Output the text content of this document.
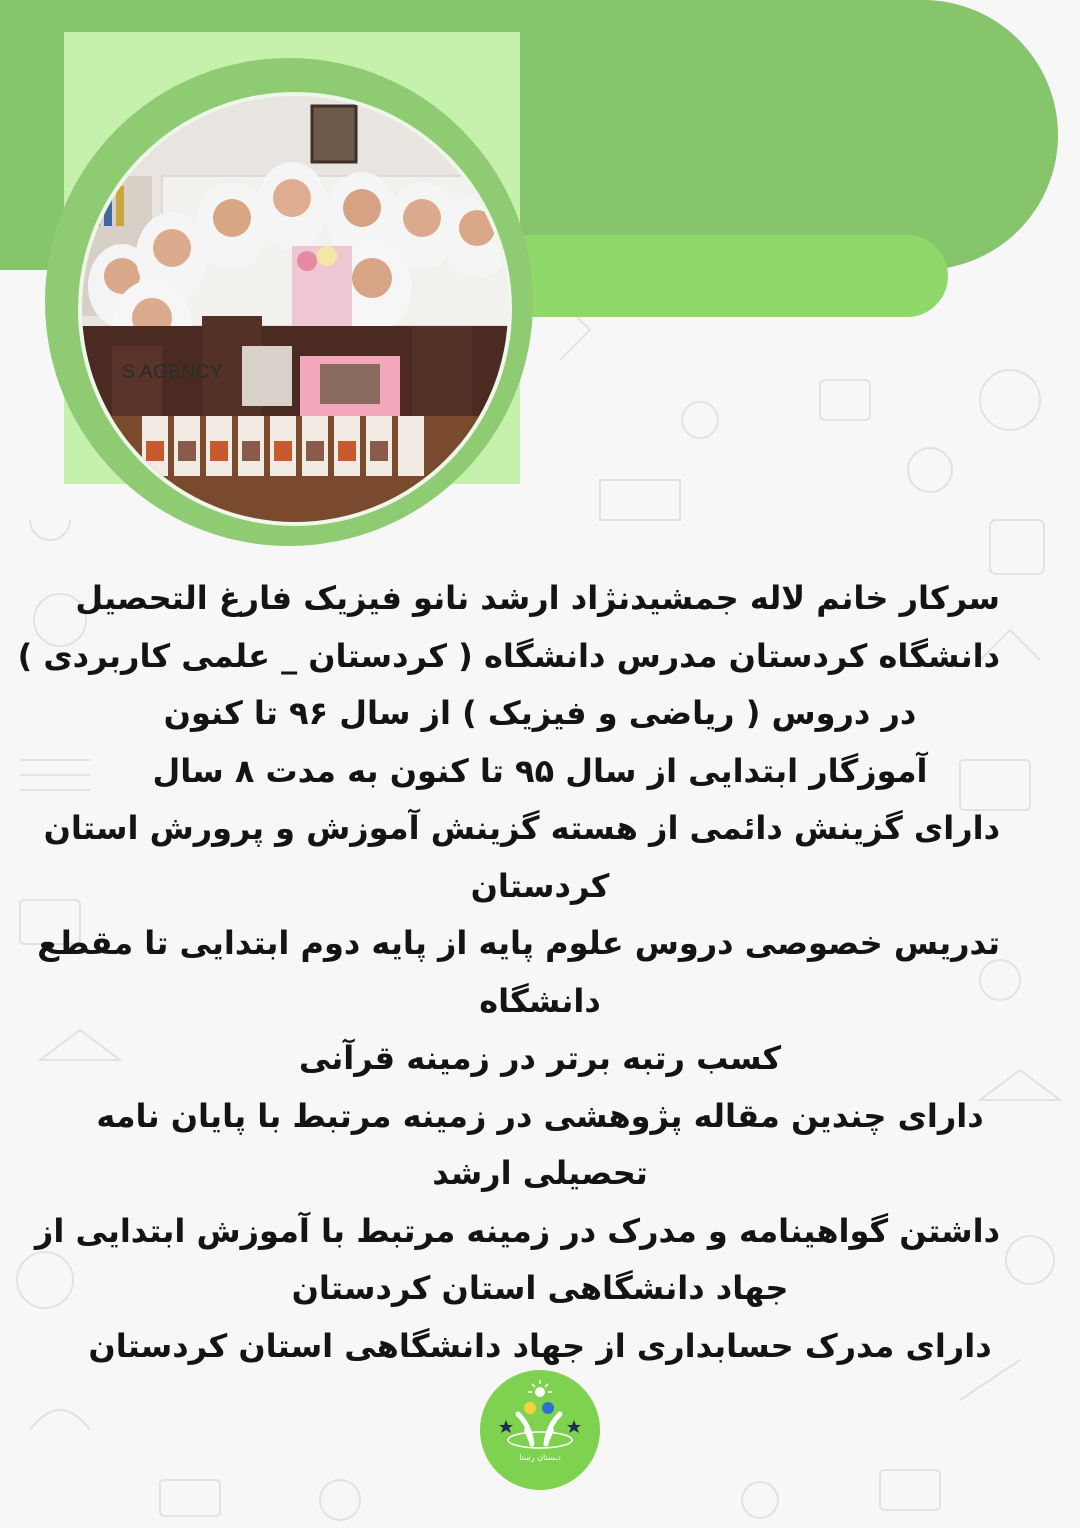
S AGENCY
سرکار خانم لاله جمشیدنژاد ارشد نانو فیزیک فارغ التحصیل
دانشگاه کردستان مدرس دانشگاه ( کردستان _ علمی کاربردی )
در دروس ( ریاضی و فیزیک ) از سال ۹۶ تا کنون
آموزگار ابتدایی از سال ۹۵ تا کنون به مدت ۸ سال
دارای گزینش دائمی از هسته گزینش آموزش و پرورش استان
کردستان
تدریس خصوصی دروس علوم پایه از پایه دوم ابتدایی تا مقطع
دانشگاه
کسب رتبه برتر در زمینه قرآنی
دارای چندین مقاله پژوهشی در زمینه مرتبط با پایان نامه
تحصیلی ارشد
داشتن گواهینامه و مدرک در زمینه مرتبط با آموزش ابتدایی از
جهاد دانشگاهی استان کردستان
دارای مدرک حسابداری از جهاد دانشگاهی استان کردستان
دبستان رستا
